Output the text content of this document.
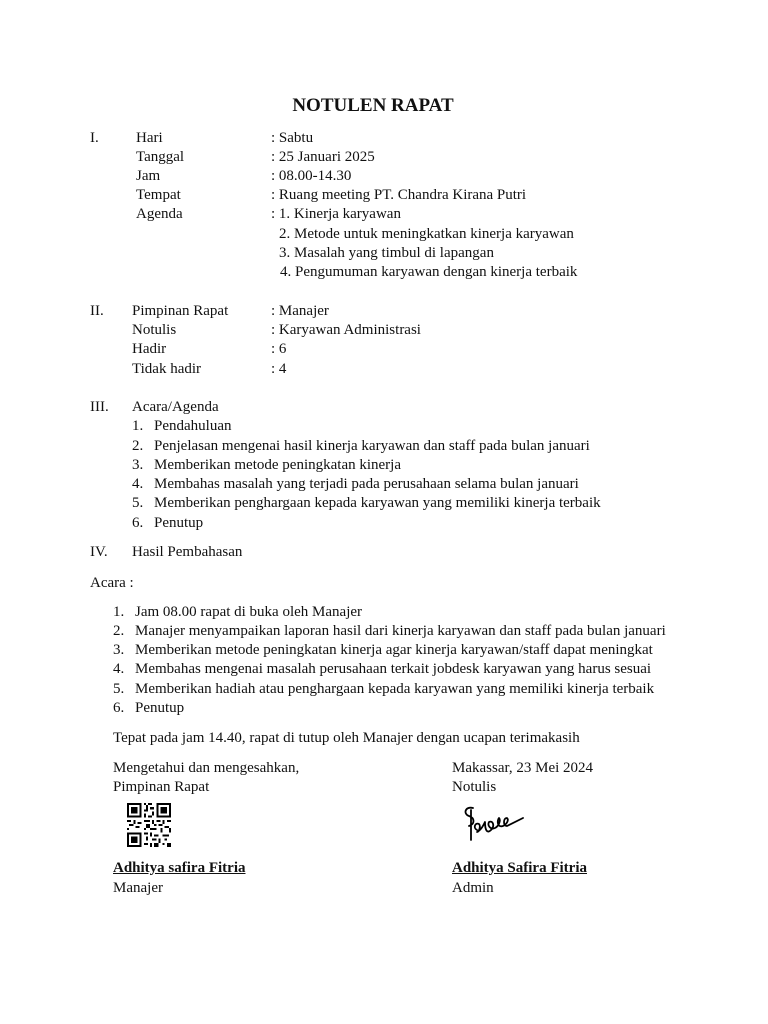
NOTULEN RAPAT
I. Hari	: Sabtu
Tanggal	: 25 Januari 2025
Jam	: 08.00-14.30
Tempat	: Ruang meeting PT. Chandra Kirana Putri
Agenda	: 1. Kinerja karyawan
2. Metode untuk meningkatkan kinerja karyawan
3. Masalah yang timbul di lapangan
4. Pengumuman karyawan dengan kinerja terbaik
II. Pimpinan Rapat	: Manajer
Notulis	: Karyawan Administrasi
Hadir	: 6
Tidak hadir	: 4
III. Acara/Agenda
1. Pendahuluan
2. Penjelasan mengenai hasil kinerja karyawan dan staff pada bulan januari
3. Memberikan metode peningkatan kinerja
4. Membahas masalah yang terjadi pada perusahaan selama bulan januari
5. Memberikan penghargaan kepada karyawan yang memiliki kinerja terbaik
6. Penutup
IV. Hasil Pembahasan
Acara :
1. Jam 08.00 rapat di buka oleh Manajer
2. Manajer menyampaikan laporan hasil dari kinerja karyawan dan staff pada bulan januari
3. Memberikan metode peningkatan kinerja agar kinerja karyawan/staff dapat meningkat
4. Membahas mengenai masalah perusahaan terkait jobdesk karyawan yang harus sesuai
5. Memberikan hadiah atau penghargaan kepada karyawan yang memiliki kinerja terbaik
6. Penutup
Tepat pada jam 14.40, rapat di tutup oleh Manajer dengan ucapan terimakasih
Mengetahui dan mengesahkan,
Pimpinan Rapat
Adhitya safira Fitria
Manajer
Makassar, 23 Mei 2024
Notulis
Adhitya Safira Fitria
Admin
